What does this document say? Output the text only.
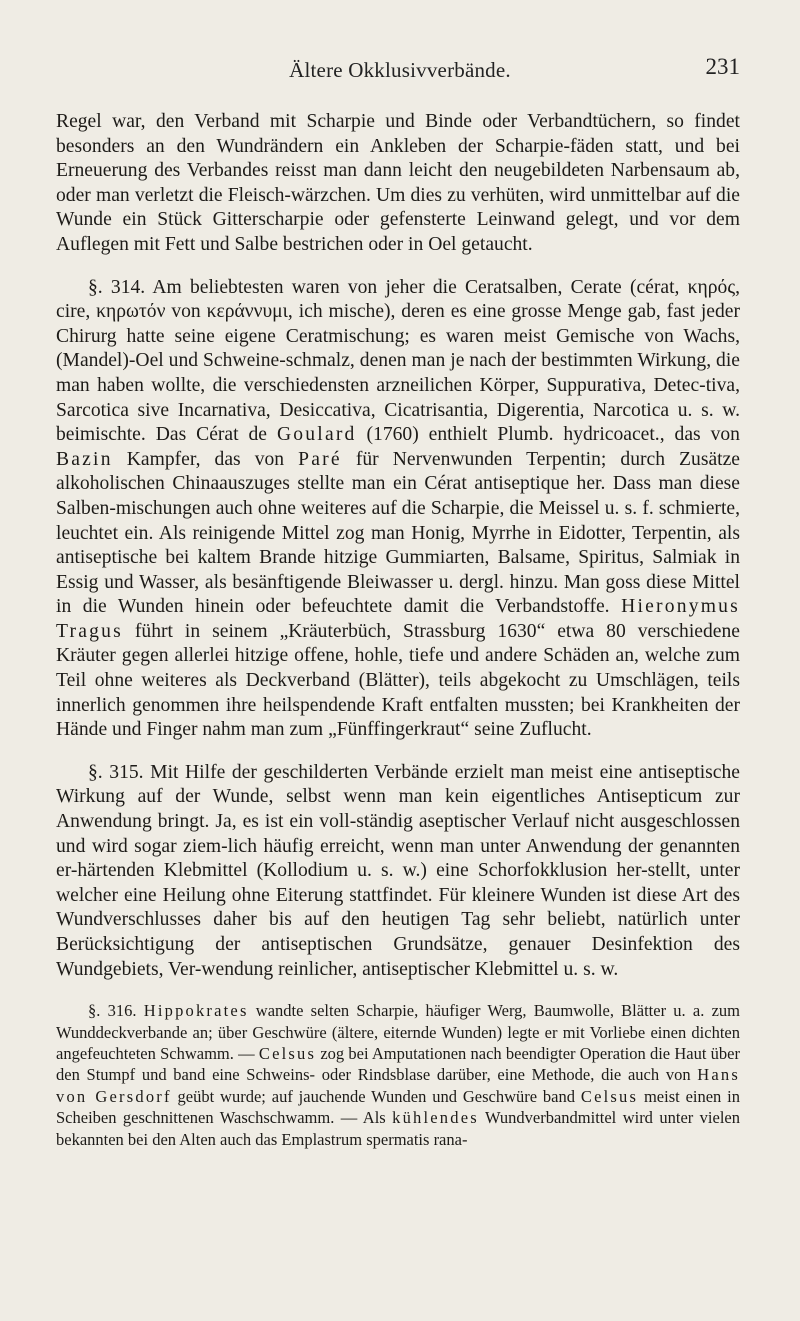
Ältere Okklusivverbände.	231

Regel war, den Verband mit Scharpie und Binde oder Verbandtüchern, so findet besonders an den Wundrändern ein Ankleben der Scharpie-fäden statt, und bei Erneuerung des Verbandes reisst man dann leicht den neugebildeten Narbensaum ab, oder man verletzt die Fleisch-wärzchen. Um dies zu verhüten, wird unmittelbar auf die Wunde ein Stück Gitterscharpie oder gefensterte Leinwand gelegt, und vor dem Auflegen mit Fett und Salbe bestrichen oder in Oel getaucht.

§. 314. Am beliebtesten waren von jeher die Ceratsalben, Cerate (cérat, κηρός, cire, κηρωτόν von κεράννυμι, ich mische), deren es eine grosse Menge gab, fast jeder Chirurg hatte seine eigene Ceratmischung; es waren meist Gemische von Wachs, (Mandel)-Oel und Schweine-schmalz, denen man je nach der bestimmten Wirkung, die man haben wollte, die verschiedensten arzneilichen Körper, Suppurativa, Detec-tiva, Sarcotica sive Incarnativa, Desiccativa, Cicatrisantia, Digerentia, Narcotica u. s. w. beimischte. Das Cérat de Goulard (1760) enthielt Plumb. hydricoacet., das von Bazin Kampfer, das von Paré für Nervenwunden Terpentin; durch Zusätze alkoholischen Chinaauszuges stellte man ein Cérat antiseptique her. Dass man diese Salben-mischungen auch ohne weiteres auf die Scharpie, die Meissel u. s. f. schmierte, leuchtet ein. Als reinigende Mittel zog man Honig, Myrrhe in Eidotter, Terpentin, als antiseptische bei kaltem Brande hitzige Gummiarten, Balsame, Spiritus, Salmiak in Essig und Wasser, als besänftigende Bleiwasser u. dergl. hinzu. Man goss diese Mittel in die Wunden hinein oder befeuchtete damit die Verbandstoffe. Hieronymus Tragus führt in seinem „Kräuterbüch, Strassburg 1630“ etwa 80 verschiedene Kräuter gegen allerlei hitzige offene, hohle, tiefe und andere Schäden an, welche zum Teil ohne weiteres als Deckverband (Blätter), teils abgekocht zu Umschlägen, teils innerlich genommen ihre heilspendende Kraft entfalten mussten; bei Krankheiten der Hände und Finger nahm man zum „Fünffingerkraut“ seine Zuflucht.

§. 315. Mit Hilfe der geschilderten Verbände erzielt man meist eine antiseptische Wirkung auf der Wunde, selbst wenn man kein eigentliches Antisepticum zur Anwendung bringt. Ja, es ist ein voll-ständig aseptischer Verlauf nicht ausgeschlossen und wird sogar ziem-lich häufig erreicht, wenn man unter Anwendung der genannten er-härtenden Klebmittel (Kollodium u. s. w.) eine Schorfokklusion her-stellt, unter welcher eine Heilung ohne Eiterung stattfindet. Für kleinere Wunden ist diese Art des Wundverschlusses daher bis auf den heutigen Tag sehr beliebt, natürlich unter Berücksichtigung der antiseptischen Grundsätze, genauer Desinfektion des Wundgebiets, Ver-wendung reinlicher, antiseptischer Klebmittel u. s. w.

§. 316. Hippokrates wandte selten Scharpie, häufiger Werg, Baumwolle, Blätter u. a. zum Wunddeckverbande an; über Geschwüre (ältere, eiternde Wunden) legte er mit Vorliebe einen dichten angefeuchteten Schwamm. — Celsus zog bei Amputationen nach beendigter Operation die Haut über den Stumpf und band eine Schweins- oder Rindsblase darüber, eine Methode, die auch von Hans von Gersdorf geübt wurde; auf jauchende Wunden und Geschwüre band Celsus meist einen in Scheiben geschnittenen Waschschwamm. — Als kühlendes Wundverbandmittel wird unter vielen bekannten bei den Alten auch das Emplastrum spermatis rana-
